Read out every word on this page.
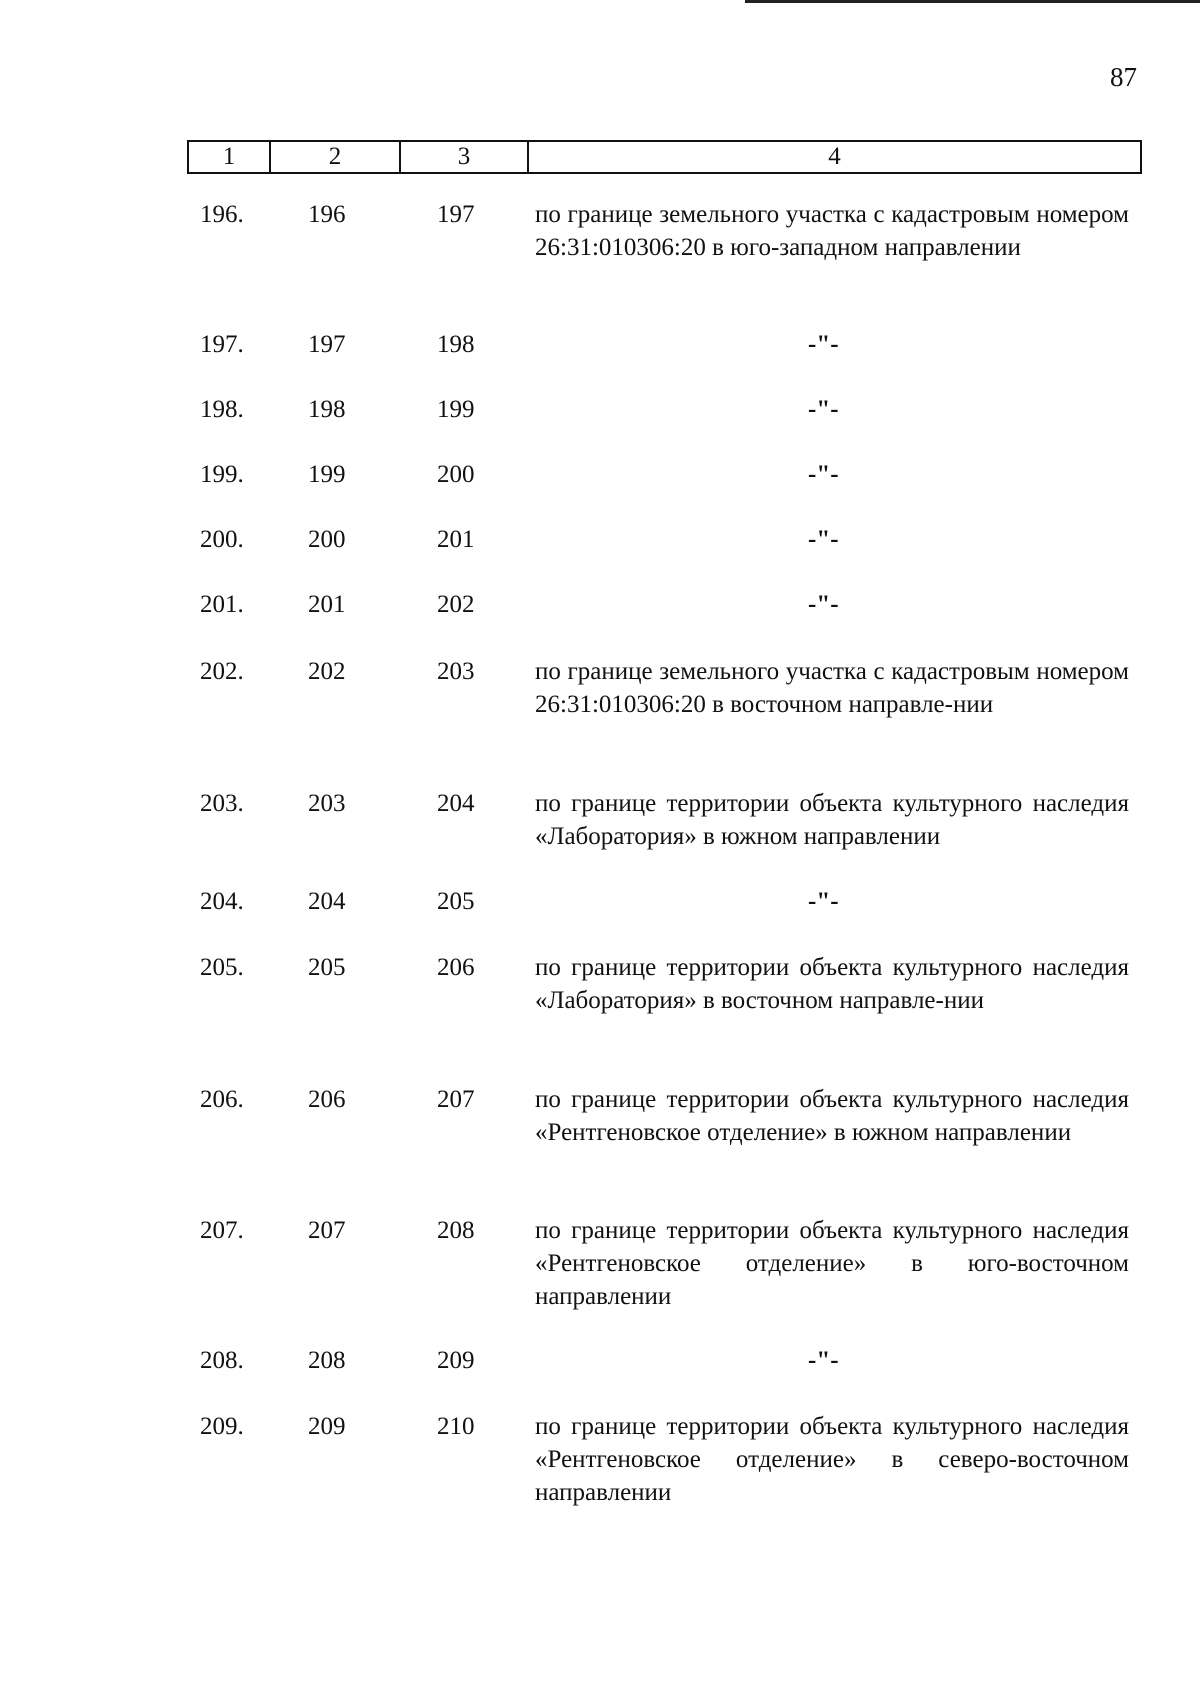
87
1	2	3	4
196.	196	197 по границе земельного участка с кадастровым номером 26:31:010306:20 в юго-западном направлении
197.	197	198	-"-
198.	198	199	-"-
199.	199	200	-"-
200.	200	201	-"-
201.	201	202	-"-
202.	202	203 по границе земельного участка с кадастровым номером 26:31:010306:20 в восточном направле-нии
203.	203	204 по границе территории объекта культурного наследия «Лаборатория» в южном направлении
204.	204	205	-"-
205.	205	206 по границе территории объекта культурного наследия «Лаборатория» в восточном направле-нии
206.	206	207 по границе территории объекта культурного наследия «Рентгеновское отделение» в южном направлении
207.	207	208 по границе территории объекта культурного наследия «Рентгеновское отделение» в юго-восточном направлении
208.	208	209	-"-
209.	209	210 по границе территории объекта культурного наследия «Рентгеновское отделение» в северо-восточном направлении
